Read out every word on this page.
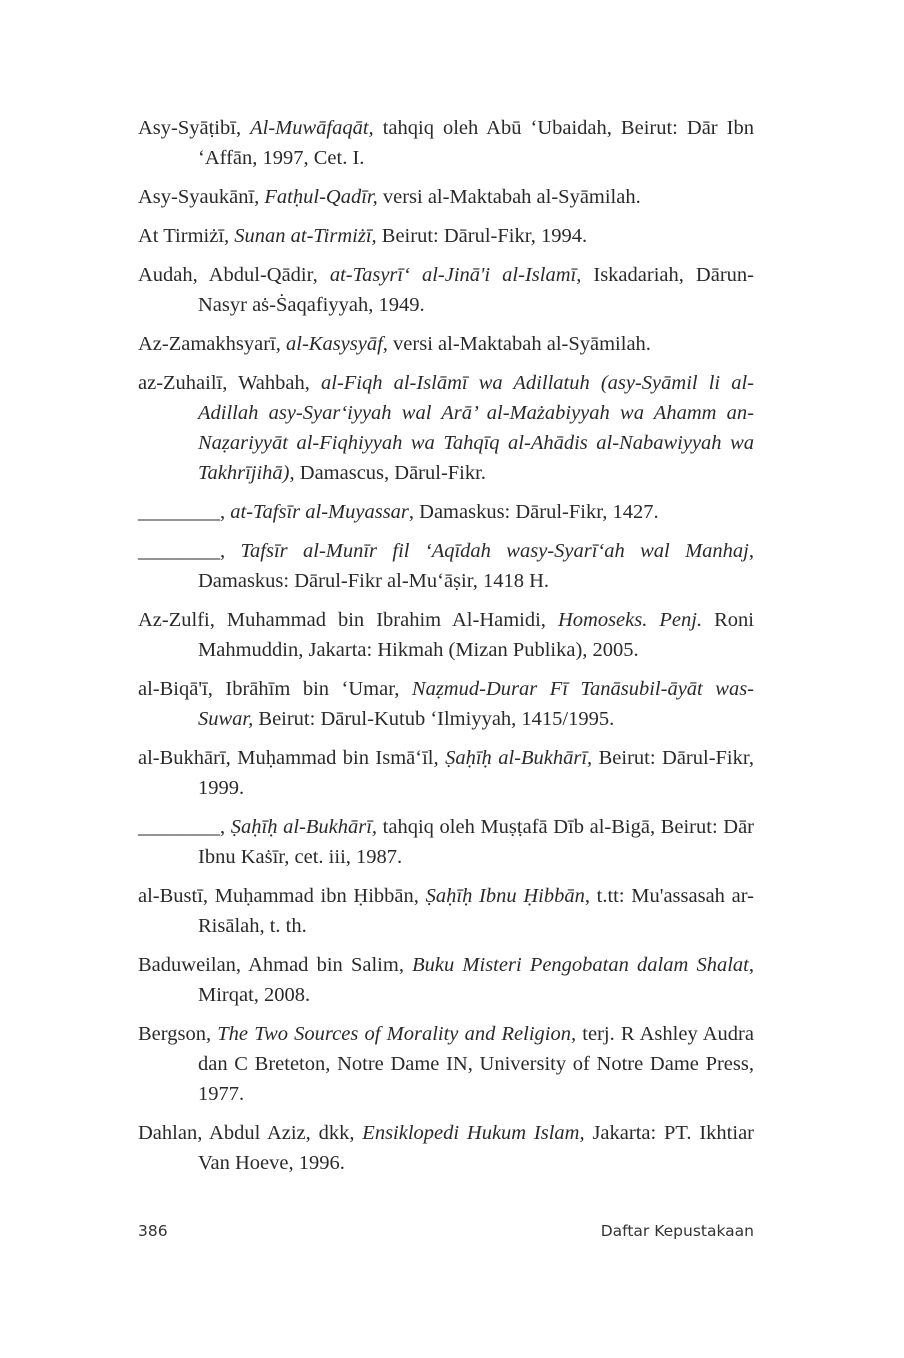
Asy-Syāṭibī, Al-Muwāfaqāt, tahqiq oleh Abū ‘Ubaidah, Beirut: Dār Ibn ‘Affān, 1997, Cet. I.

Asy-Syaukānī, Fatḥul-Qadīr, versi al-Maktabah al-Syāmilah.

At Tirmiżī, Sunan at-Tirmiżī, Beirut: Dārul-Fikr, 1994.

Audah, Abdul-Qādir, at-Tasyrī‘ al-Jinā'i al-Islamī, Iskadariah, Dārun-Nasyr aṡ-Ṡaqafiyyah, 1949.

Az-Zamakhsyarī, al-Kasysyāf, versi al-Maktabah al-Syāmilah.

az-Zuhailī, Wahbah, al-Fiqh al-Islāmī wa Adillatuh (asy-Syāmil li al-Adillah asy-Syar‘iyyah wal Arā’ al-Mażabiyyah wa Ahamm an-Naẓariyyāt al-Fiqhiyyah wa Tahqīq al-Ahādis al-Nabawiyyah wa Takhrījihā), Damascus, Dārul-Fikr.

________, at-Tafsīr al-Muyassar, Damaskus: Dārul-Fikr, 1427.

________, Tafsīr al-Munīr fil ‘Aqīdah wasy-Syarī‘ah wal Manhaj, Damaskus: Dārul-Fikr al-Mu‘āṣir, 1418 H.

Az-Zulfi, Muhammad bin Ibrahim Al-Hamidi, Homoseks. Penj. Roni Mahmuddin, Jakarta: Hikmah (Mizan Publika), 2005.

al-Biqā'ī, Ibrāhīm bin ‘Umar, Naẓmud-Durar Fī Tanāsubil-āyāt was-Suwar, Beirut: Dārul-Kutub ‘Ilmiyyah, 1415/1995.

al-Bukhārī, Muḥammad bin Ismā‘īl, Ṣaḥīḥ al-Bukhārī, Beirut: Dārul-Fikr, 1999.

________, Ṣaḥīḥ al-Bukhārī, tahqiq oleh Muṣṭafā Dīb al-Bigā, Beirut: Dār Ibnu Kaṡīr, cet. iii, 1987.

al-Bustī, Muḥammad ibn Ḥibbān, Ṣaḥīḥ Ibnu Ḥibbān, t.tt: Mu'assasah ar-Risālah, t. th.

Baduweilan, Ahmad bin Salim, Buku Misteri Pengobatan dalam Shalat, Mirqat, 2008.

Bergson, The Two Sources of Morality and Religion, terj. R Ashley Audra dan C Breteton, Notre Dame IN, University of Notre Dame Press, 1977.

Dahlan, Abdul Aziz, dkk, Ensiklopedi Hukum Islam, Jakarta: PT. Ikhtiar Van Hoeve, 1996.

386	Daftar Kepustakaan
